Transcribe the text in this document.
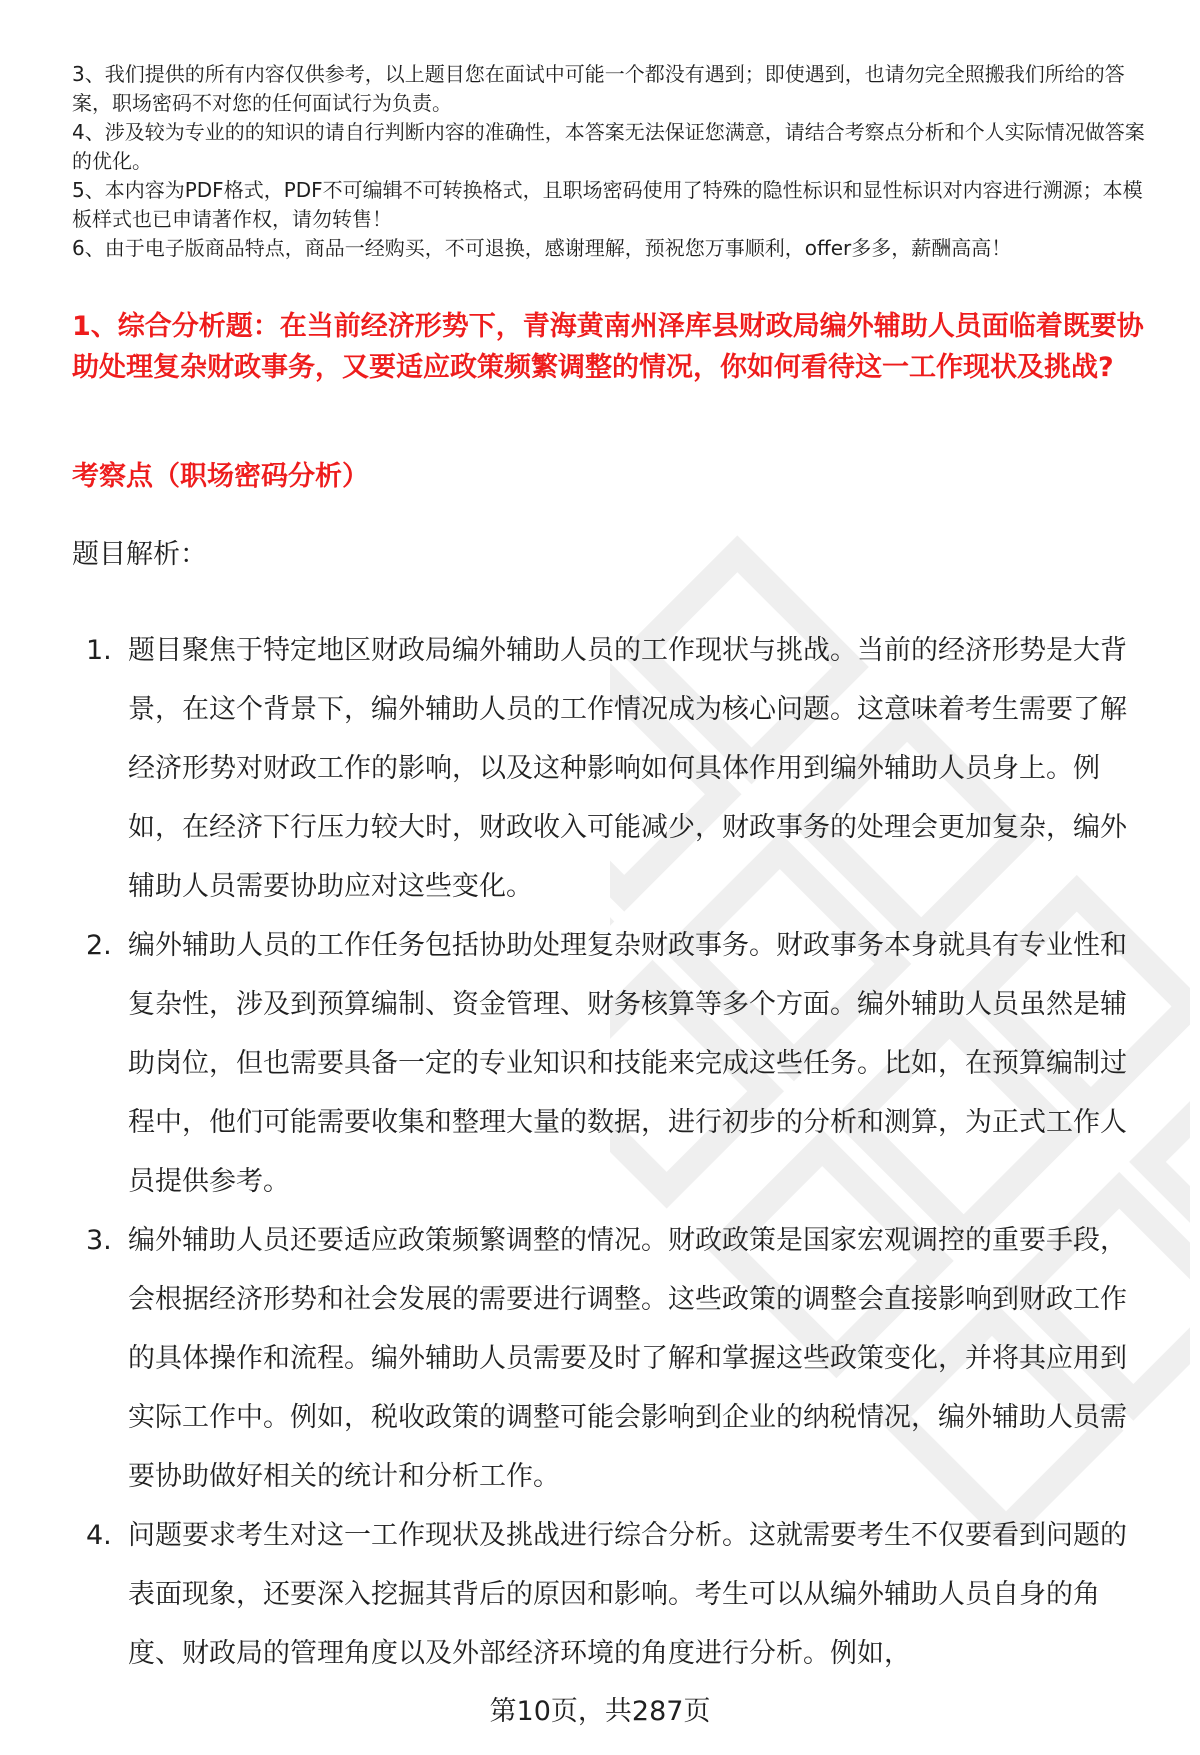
3、我们提供的所有内容仅供参考，以上题目您在面试中可能一个都没有遇到；即使遇到，也请勿完全照搬我们所给的答案，职场密码不对您的任何面试行为负责。
4、涉及较为专业的的知识的请自行判断内容的准确性，本答案无法保证您满意，请结合考察点分析和个人实际情况做答案的优化。
5、本内容为PDF格式，PDF不可编辑不可转换格式，且职场密码使用了特殊的隐性标识和显性标识对内容进行溯源；本模板样式也已申请著作权，请勿转售！
6、由于电子版商品特点，商品一经购买，不可退换，感谢理解，预祝您万事顺利，offer多多，薪酬高高！
1、综合分析题：在当前经济形势下，青海黄南州泽库县财政局编外辅助人员面临着既要协助处理复杂财政事务，又要适应政策频繁调整的情况，你如何看待这一工作现状及挑战?
考察点（职场密码分析）

题目解析：

1. 题目聚焦于特定地区财政局编外辅助人员的工作现状与挑战。当前的经济形势是大背景，在这个背景下，编外辅助人员的工作情况成为核心问题。这意味着考生需要了解经济形势对财政工作的影响，以及这种影响如何具体作用到编外辅助人员身上。例如，在经济下行压力较大时，财政收入可能减少，财政事务的处理会更加复杂，编外辅助人员需要协助应对这些变化。
2. 编外辅助人员的工作任务包括协助处理复杂财政事务。财政事务本身就具有专业性和复杂性，涉及到预算编制、资金管理、财务核算等多个方面。编外辅助人员虽然是辅助岗位，但也需要具备一定的专业知识和技能来完成这些任务。比如，在预算编制过程中，他们可能需要收集和整理大量的数据，进行初步的分析和测算，为正式工作人员提供参考。
3. 编外辅助人员还要适应政策频繁调整的情况。财政政策是国家宏观调控的重要手段，会根据经济形势和社会发展的需要进行调整。这些政策的调整会直接影响到财政工作的具体操作和流程。编外辅助人员需要及时了解和掌握这些政策变化，并将其应用到实际工作中。例如，税收政策的调整可能会影响到企业的纳税情况，编外辅助人员需要协助做好相关的统计和分析工作。
4. 问题要求考生对这一工作现状及挑战进行综合分析。这就需要考生不仅要看到问题的表面现象，还要深入挖掘其背后的原因和影响。考生可以从编外辅助人员自身的角度、财政局的管理角度以及外部经济环境的角度进行分析。例如，

第10页，共287页
